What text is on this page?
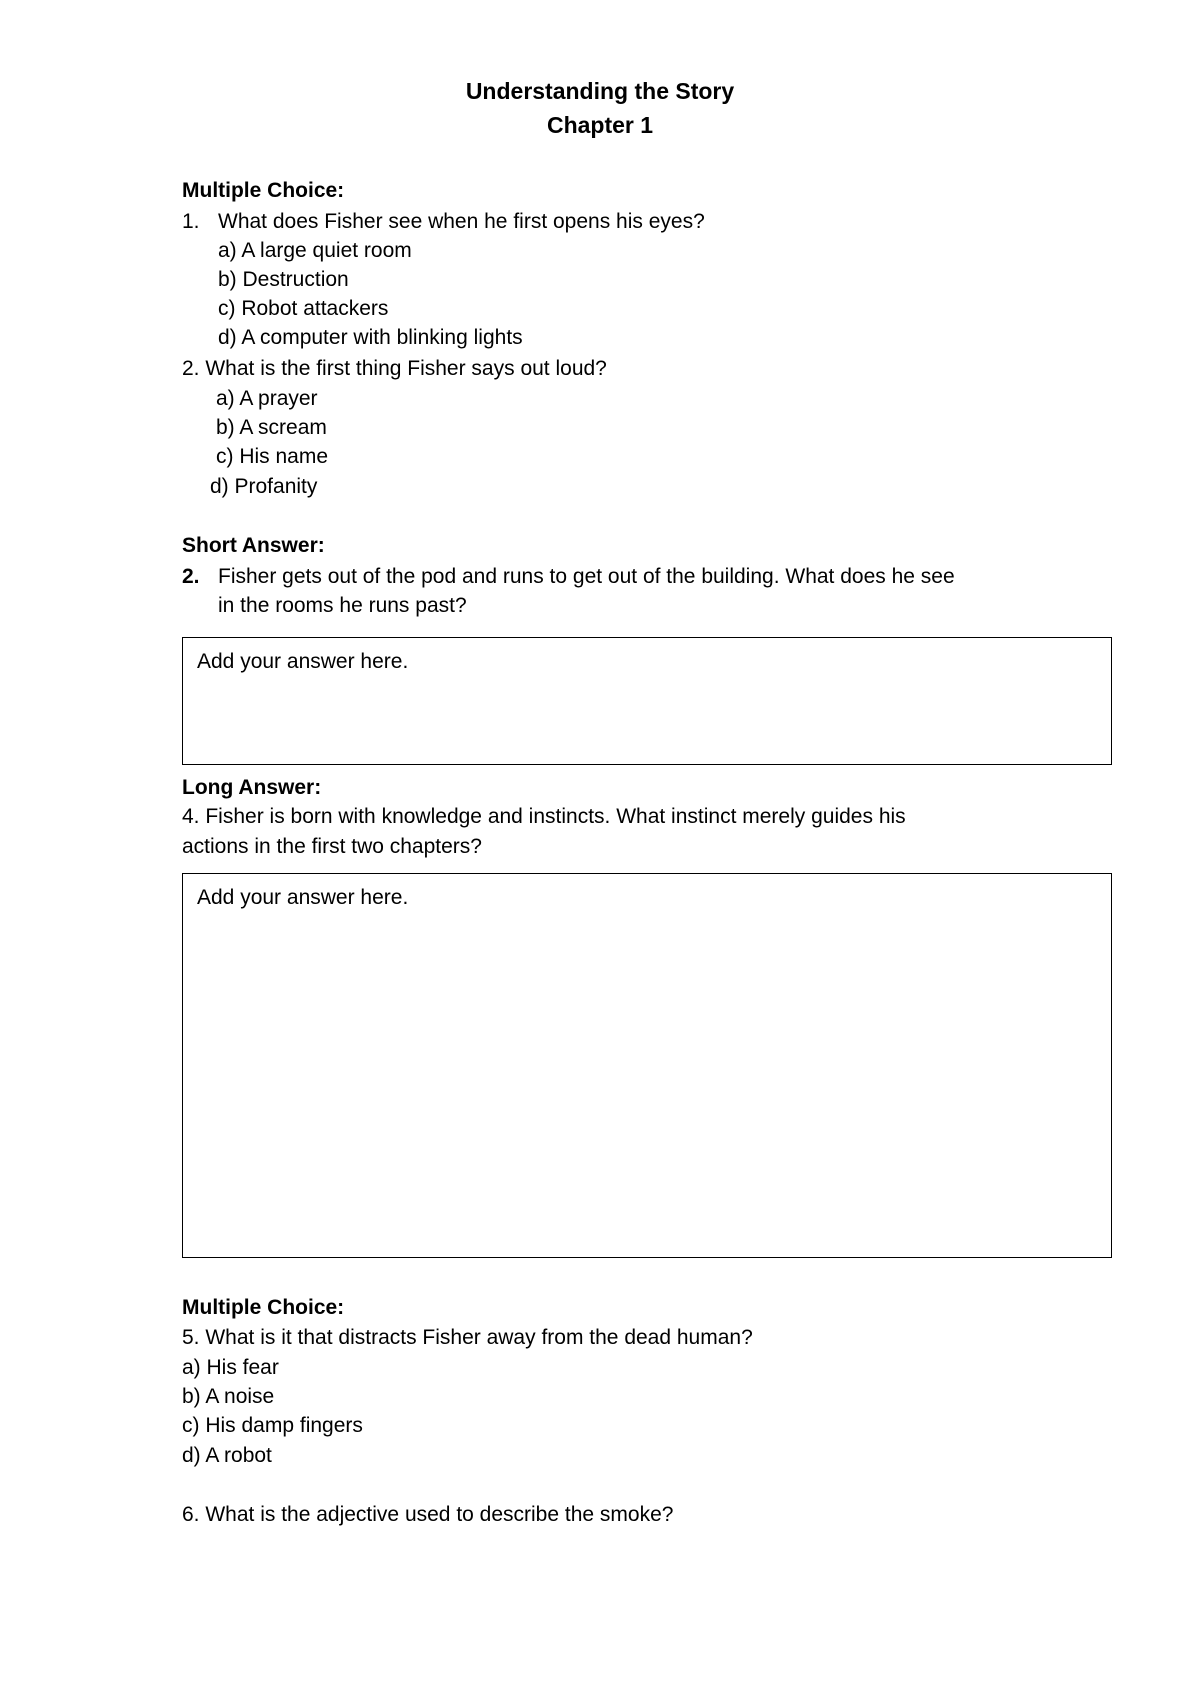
Understanding the Story
Chapter 1
Multiple Choice:
1. What does Fisher see when he first opens his eyes?
a) A large quiet room
b) Destruction
c) Robot attackers
d) A computer with blinking lights
2. What is the first thing Fisher says out loud?
a) A prayer
b) A scream
c) His name
d) Profanity
Short Answer:
2. Fisher gets out of the pod and runs to get out of the building. What does he see
in the rooms he runs past?
Add your answer here.
Long Answer:
4. Fisher is born with knowledge and instincts. What instinct merely guides his
actions in the first two chapters?
Add your answer here.
Multiple Choice:
5. What is it that distracts Fisher away from the dead human?
a) His fear
b) A noise
c) His damp fingers
d) A robot
6. What is the adjective used to describe the smoke?
